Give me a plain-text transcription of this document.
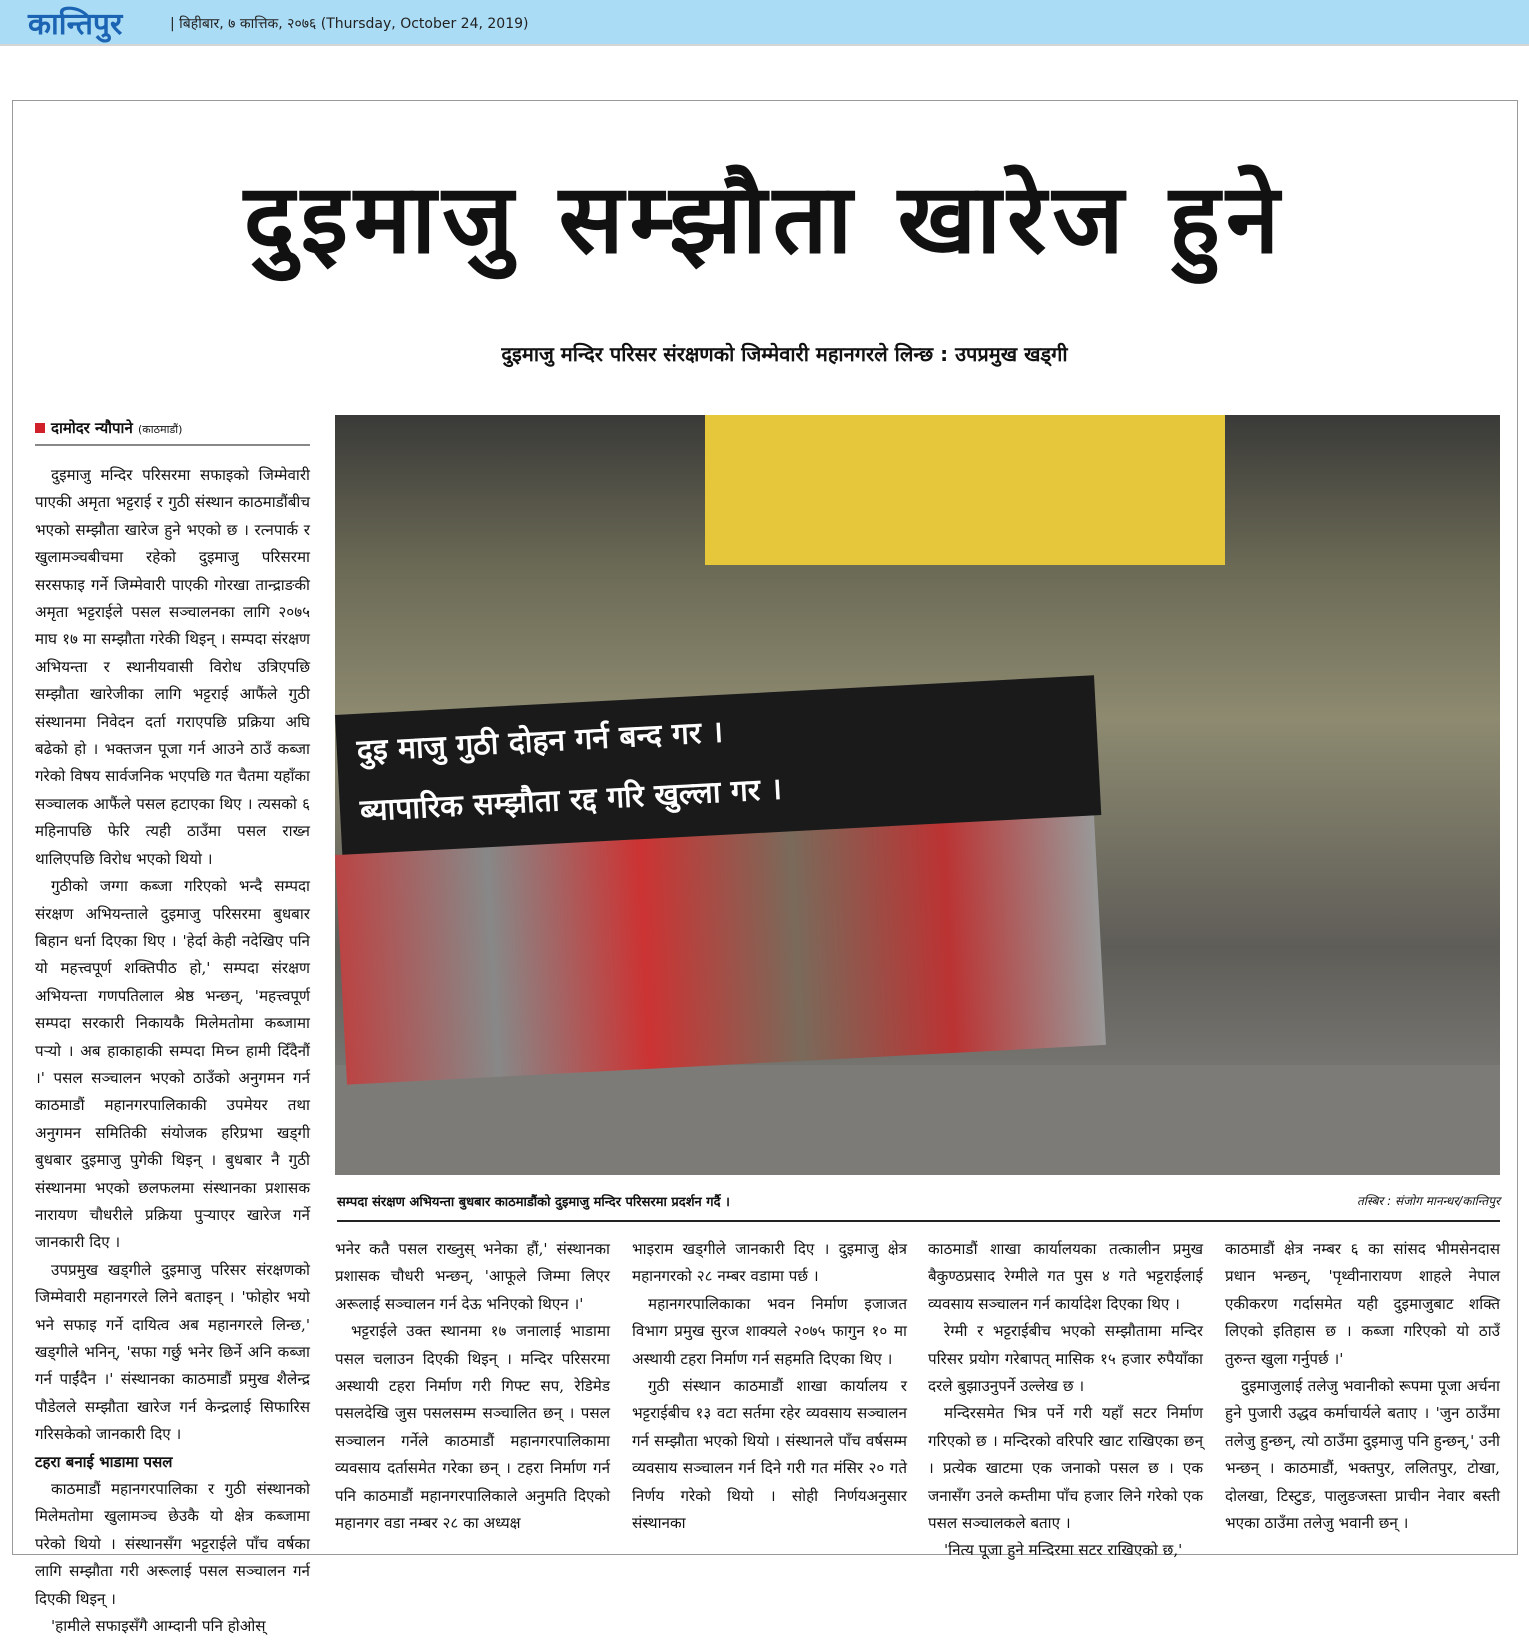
कान्तिपुर	| बिहीबार, ७ कात्तिक, २०७६ (Thursday, October 24, 2019)
दुइमाजु सम्झौता खारेज हुने
दुइमाजु मन्दिर परिसर संरक्षणको जिम्मेवारी महानगरले लिन्छ : उपप्रमुख खड्गी
दामोदर न्यौपाने (काठमाडौं)

दुइमाजु मन्दिर परिसरमा सफाइको जिम्मेवारी पाएकी अमृता भट्टराई र गुठी संस्थान काठमाडौंबीच भएको सम्झौता खारेज हुने भएको छ । रत्नपार्क र खुलामञ्चबीचमा रहेको दुइमाजु परिसरमा सरसफाइ गर्ने जिम्मेवारी पाएकी गोरखा तान्द्राङकी अमृता भट्टराईले पसल सञ्चालनका लागि २०७५ माघ १७ मा सम्झौता गरेकी थिइन् । सम्पदा संरक्षण अभियन्ता र स्थानीयवासी विरोध उत्रिएपछि सम्झौता खारेजीका लागि भट्टराई आफैंले गुठी संस्थानमा निवेदन दर्ता गराएपछि प्रक्रिया अघि बढेको हो । भक्तजन पूजा गर्न आउने ठाउँ कब्जा गरेको विषय सार्वजनिक भएपछि गत चैतमा यहाँका सञ्चालक आफैंले पसल हटाएका थिए । त्यसको ६ महिनापछि फेरि त्यही ठाउँमा पसल राख्न थालिएपछि विरोध भएको थियो ।

गुठीको जग्गा कब्जा गरिएको भन्दै सम्पदा संरक्षण अभियन्ताले दुइमाजु परिसरमा बुधबार बिहान धर्ना दिएका थिए । 'हेर्दा केही नदेखिए पनि यो महत्त्वपूर्ण शक्तिपीठ हो,' सम्पदा संरक्षण अभियन्ता गणपतिलाल श्रेष्ठ भन्छन्, 'महत्त्वपूर्ण सम्पदा सरकारी निकायकै मिलेमतोमा कब्जामा पर्‍यो । अब हाकाहाकी सम्पदा मिच्न हामी दिँदैनौं ।' पसल सञ्चालन भएको ठाउँको अनुगमन गर्न काठमाडौं महानगरपालिकाकी उपमेयर तथा अनुगमन समितिकी संयोजक हरिप्रभा खड्गी बुधबार दुइमाजु पुगेकी थिइन् । बुधबार नै गुठी संस्थानमा भएको छलफलमा संस्थानका प्रशासक नारायण चौधरीले प्रक्रिया पुर्‍याएर खारेज गर्ने जानकारी दिए ।

उपप्रमुख खड्गीले दुइमाजु परिसर संरक्षणको जिम्मेवारी महानगरले लिने बताइन् । 'फोहोर भयो भने सफाइ गर्ने दायित्व अब महानगरले लिन्छ,' खड्गीले भनिन्, 'सफा गर्छु भनेर छिर्ने अनि कब्जा गर्न पाईंदैन ।' संस्थानका काठमाडौं प्रमुख शैलेन्द्र पौडेलले सम्झौता खारेज गर्न केन्द्रलाई सिफारिस गरिसकेको जानकारी दिए ।

टहरा बनाई भाडामा पसल

काठमाडौं महानगरपालिका र गुठी संस्थानको मिलेमतोमा खुलामञ्च छेउकै यो क्षेत्र कब्जामा परेको थियो । संस्थानसँग भट्टराईले पाँच वर्षका लागि सम्झौता गरी अरूलाई पसल सञ्चालन गर्न दिएकी थिइन् ।

'हामीले सफाइसँगै आम्दानी पनि होओस्

दुइ माजु गुठी दोहन गर्न बन्द गर ।
ब्यापारिक सम्झौता रद्द गरि खुल्ला गर ।
सम्पदा संरक्षण अभियन्ता बुधबार काठमाडौंको दुइमाजु मन्दिर परिसरमा प्रदर्शन गर्दै ।	तस्बिर : संजोग मानन्धर/कान्तिपुर

भनेर कतै पसल राख्नुस् भनेका हौं,' संस्थानका प्रशासक चौधरी भन्छन्, 'आफूले जिम्मा लिएर अरूलाई सञ्चालन गर्न देऊ भनिएको थिएन ।'

भट्टराईले उक्त स्थानमा १७ जनालाई भाडामा पसल चलाउन दिएकी थिइन् । मन्दिर परिसरमा अस्थायी टहरा निर्माण गरी गिफ्ट सप, रेडिमेड पसलदेखि जुस पसलसम्म सञ्चालित छन् । पसल सञ्चालन गर्नेले काठमाडौं महानगरपालिकामा व्यवसाय दर्तासमेत गरेका छन् । टहरा निर्माण गर्न पनि काठमाडौं महानगरपालिकाले अनुमति दिएको महानगर वडा नम्बर २८ का अध्यक्ष

भाइराम खड्गीले जानकारी दिए । दुइमाजु क्षेत्र महानगरको २८ नम्बर वडामा पर्छ ।

महानगरपालिकाका भवन निर्माण इजाजत विभाग प्रमुख सुरज शाक्यले २०७५ फागुन १० मा अस्थायी टहरा निर्माण गर्न सहमति दिएका थिए ।

गुठी संस्थान काठमाडौं शाखा कार्यालय र भट्टराईबीच १३ वटा सर्तमा रहेर व्यवसाय सञ्चालन गर्न सम्झौता भएको थियो । संस्थानले पाँच वर्षसम्म व्यवसाय सञ्चालन गर्न दिने गरी गत मंसिर २० गते निर्णय गरेको थियो । सोही निर्णयअनुसार संस्थानका

काठमाडौं शाखा कार्यालयका तत्कालीन प्रमुख बैकुण्ठप्रसाद रेग्मीले गत पुस ४ गते भट्टराईलाई व्यवसाय सञ्चालन गर्न कार्यादेश दिएका थिए ।

रेग्मी र भट्टराईबीच भएको सम्झौतामा मन्दिर परिसर प्रयोग गरेबापत् मासिक १५ हजार रुपैयाँका दरले बुझाउनुपर्ने उल्लेख छ ।

मन्दिरसमेत भित्र पर्ने गरी यहाँ सटर निर्माण गरिएको छ । मन्दिरको वरिपरि खाट राखिएका छन् । प्रत्येक खाटमा एक जनाको पसल छ । एक जनासँग उनले कम्तीमा पाँच हजार लिने गरेको एक पसल सञ्चालकले बताए ।

'नित्य पूजा हुने मन्दिरमा सटर राखिएको छ,'

काठमाडौं क्षेत्र नम्बर ६ का सांसद भीमसेनदास प्रधान भन्छन्, 'पृथ्वीनारायण शाहले नेपाल एकीकरण गर्दासमेत यही दुइमाजुबाट शक्ति लिएको इतिहास छ । कब्जा गरिएको यो ठाउँ तुरुन्त खुला गर्नुपर्छ ।'

दुइमाजुलाई तलेजु भवानीको रूपमा पूजा अर्चना हुने पुजारी उद्धव कर्माचार्यले बताए । 'जुन ठाउँमा तलेजु हुन्छन्, त्यो ठाउँमा दुइमाजु पनि हुन्छन्,' उनी भन्छन् । काठमाडौं, भक्तपुर, ललितपुर, टोखा, दोलखा, टिस्टुङ, पालुङजस्ता प्राचीन नेवार बस्ती भएका ठाउँमा तलेजु भवानी छन् ।
